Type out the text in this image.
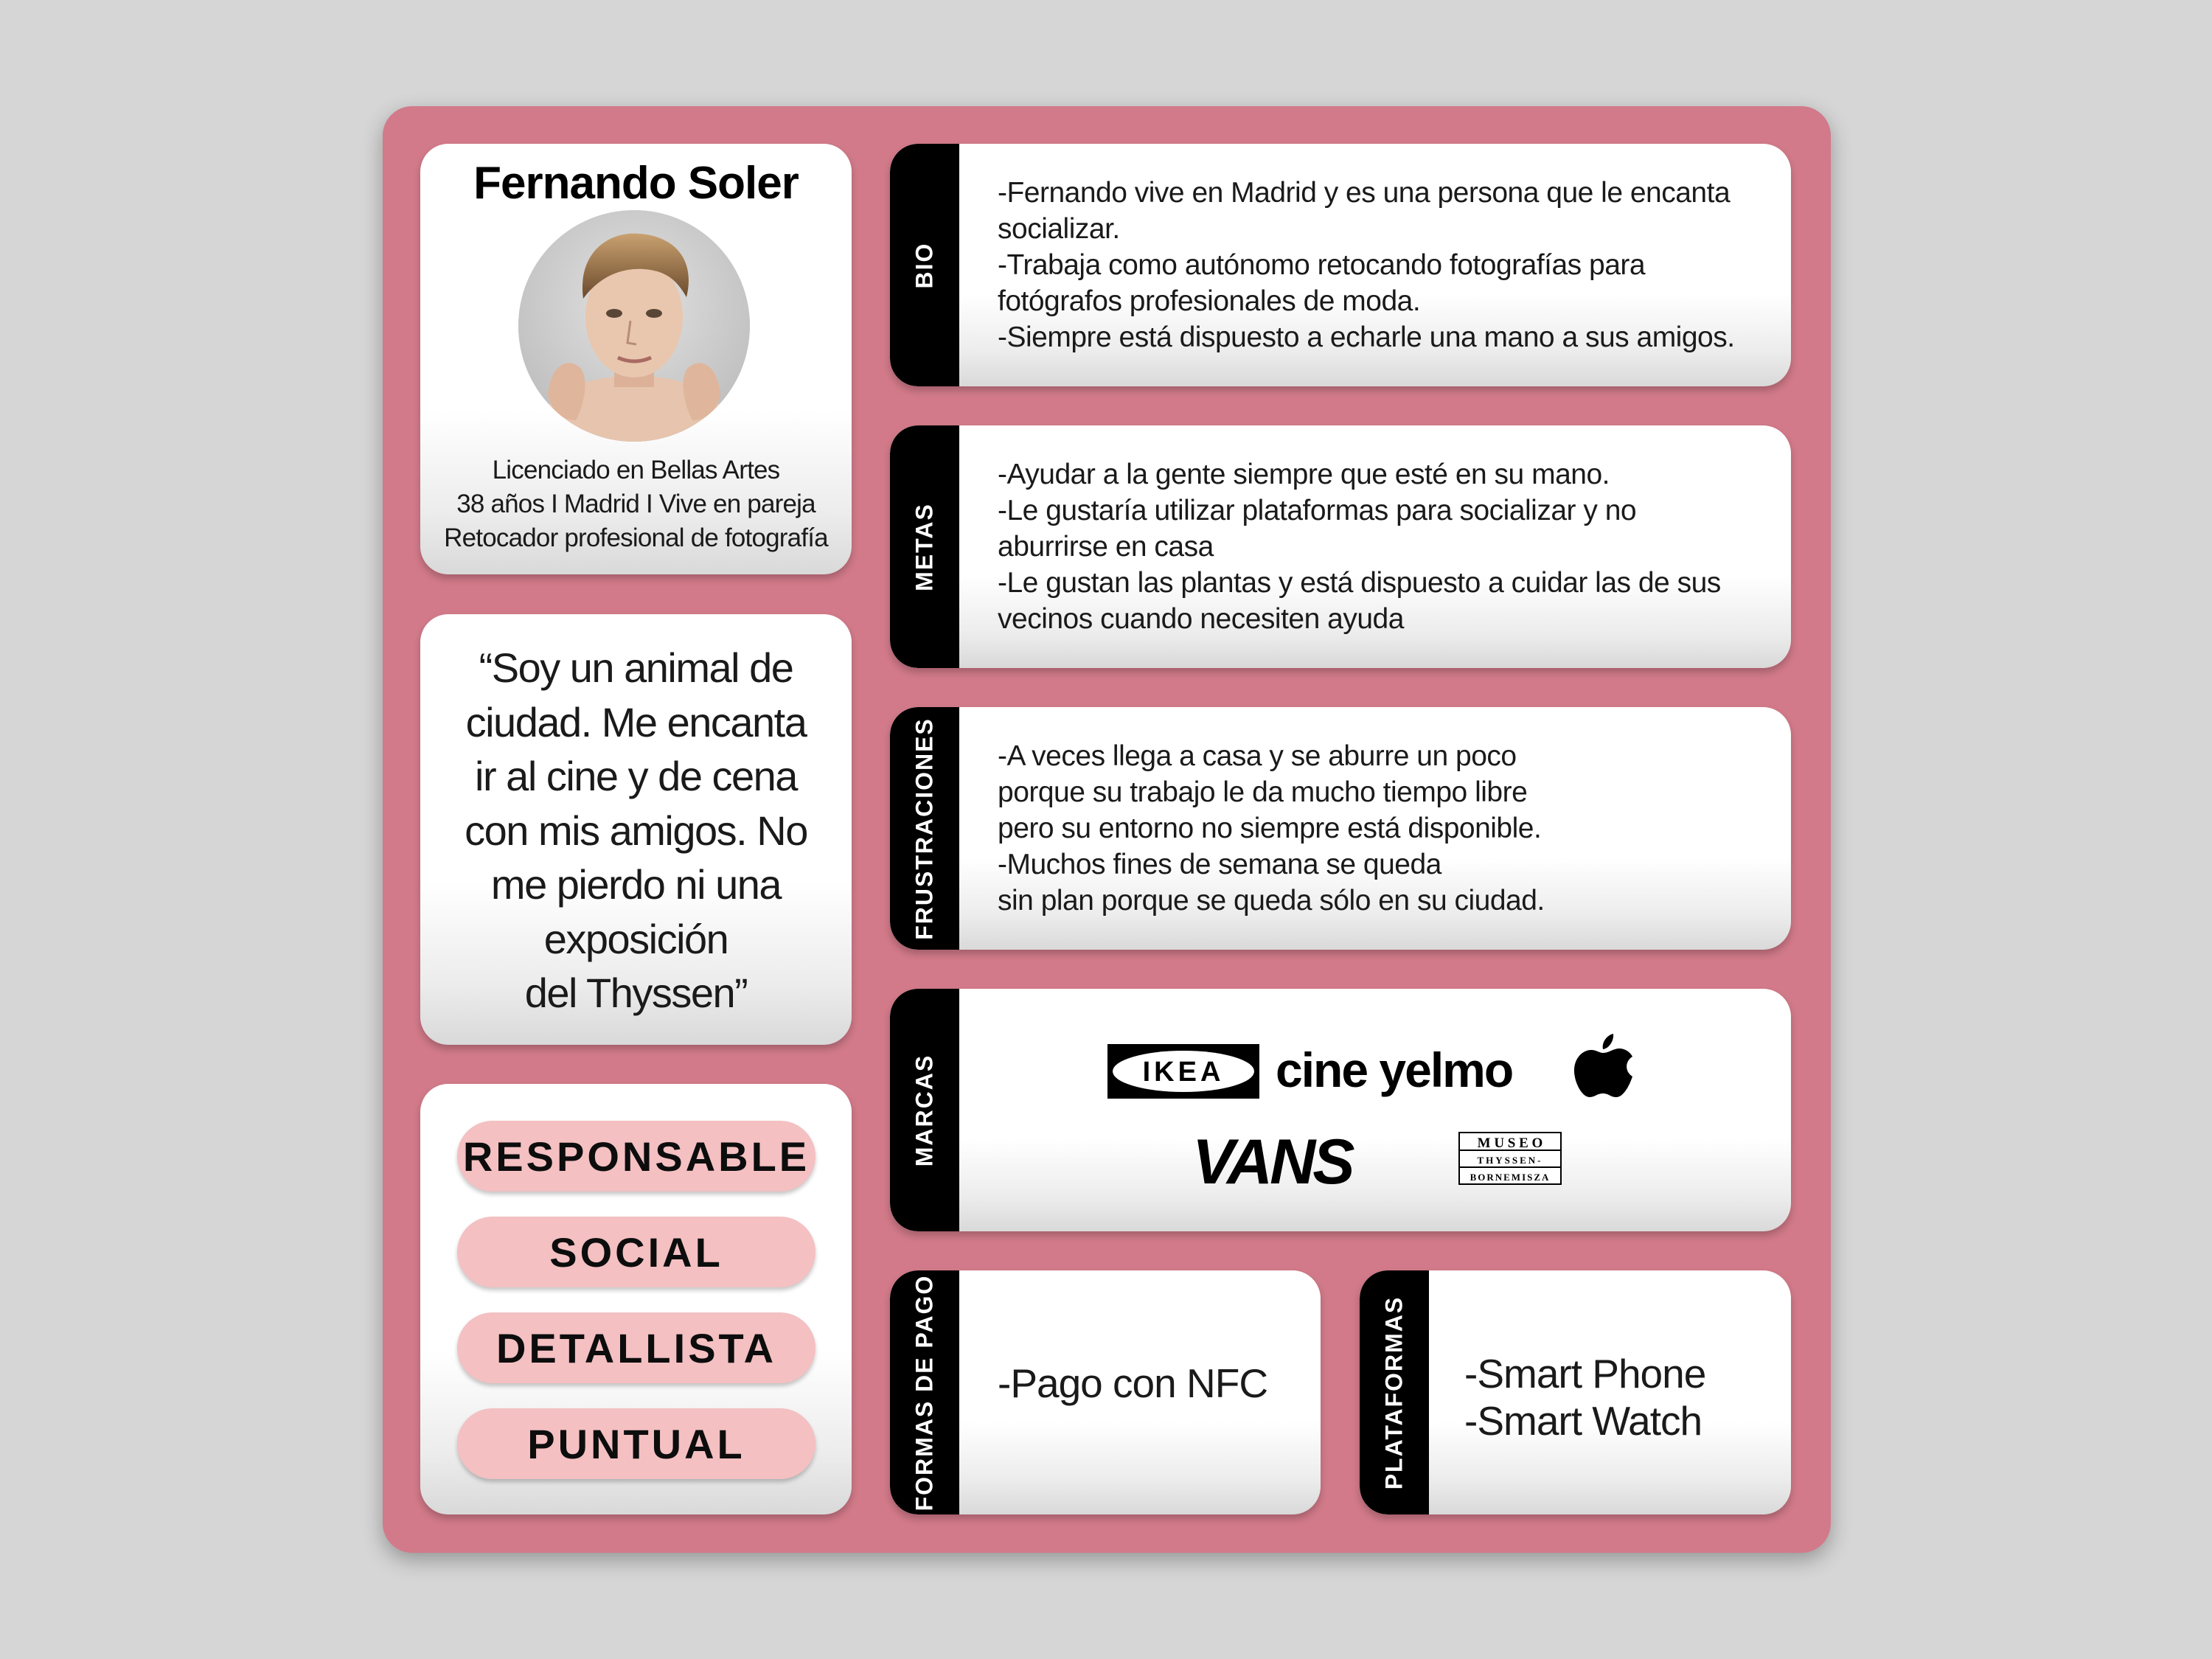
Fernando Soler
Licenciado en Bellas Artes
38 años I Madrid I Vive en pareja
Retocador profesional de fotografía
“Soy un animal de
ciudad. Me encanta
ir al cine y de cena
con mis amigos. No
me pierdo ni una
exposición
del Thyssen”
RESPONSABLE
SOCIAL
DETALLISTA
PUNTUAL
BIO
-Fernando vive en Madrid y es una persona que le encanta
socializar.
-Trabaja como autónomo retocando fotografías para
fotógrafos profesionales de moda.
-Siempre está dispuesto a echarle una mano a sus amigos.
METAS
-Ayudar a la gente siempre que esté en su mano.
-Le gustaría utilizar plataformas para socializar y no
aburrirse en casa
-Le gustan las plantas y está dispuesto a cuidar las de sus
vecinos cuando necesiten ayuda
FRUSTRACIONES -A veces llega a casa y se aburre un poco
porque su trabajo le da mucho tiempo libre
pero su entorno no siempre está disponible.
-Muchos fines de semana se queda
sin plan porque se queda sólo en su ciudad.
MARCAS	IKEA cine yelmo
VANS	M U S E O
THYSSEN-
BORNEMISZA
FORMAS DE PAGO -Pago con NFC	PLATAFORMAS -Smart Phone
-Smart Watch
